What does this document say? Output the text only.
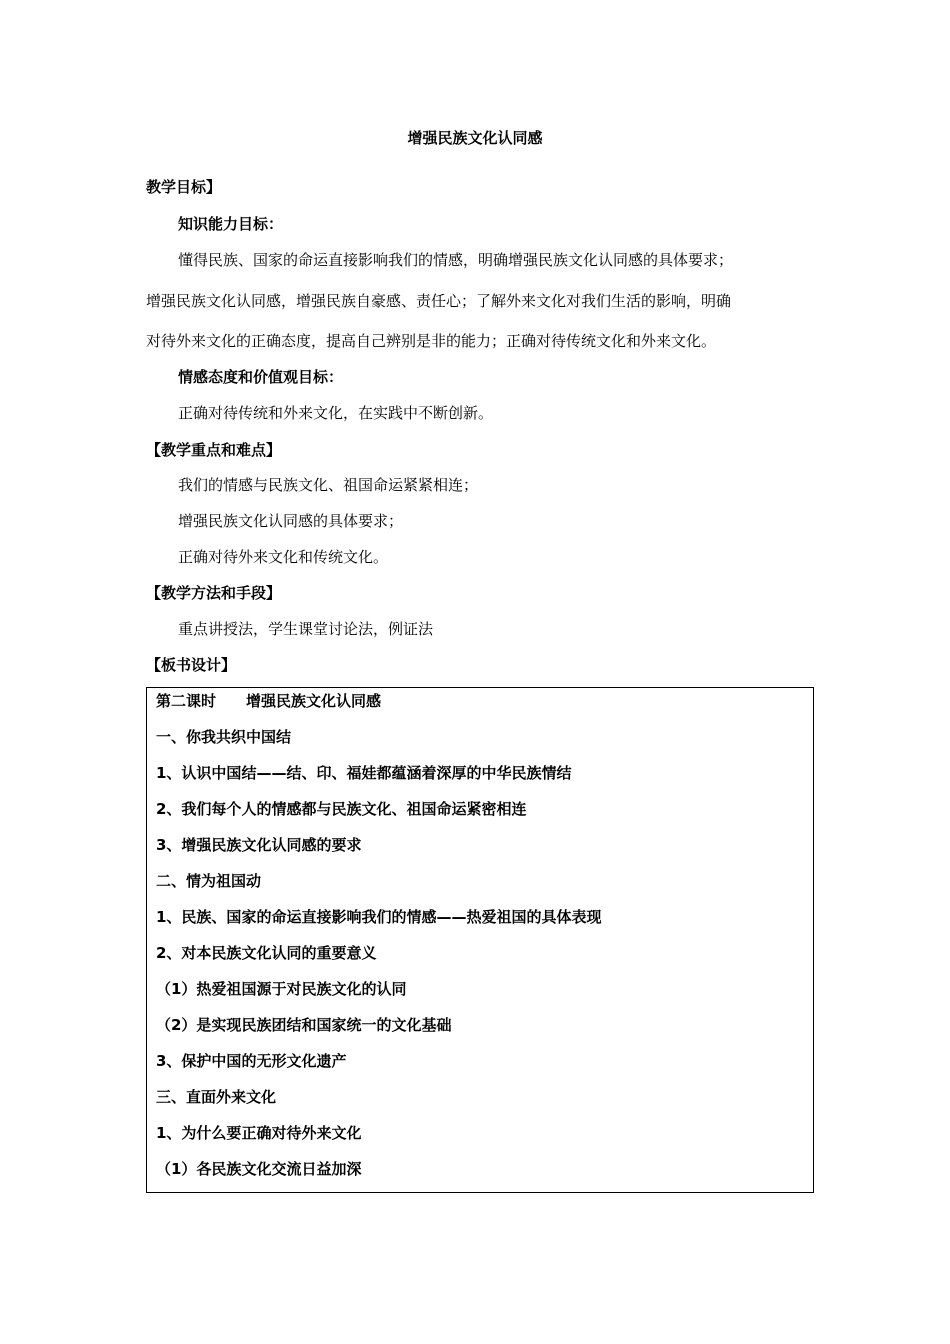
增强民族文化认同感
教学目标】
知识能力目标：
懂得民族、国家的命运直接影响我们的情感，明确增强民族文化认同感的具体要求；
增强民族文化认同感，增强民族自豪感、责任心；了解外来文化对我们生活的影响，明确
对待外来文化的正确态度，提高自己辨别是非的能力；正确对待传统文化和外来文化。
情感态度和价值观目标：
正确对待传统和外来文化，在实践中不断创新。
【教学重点和难点】
我们的情感与民族文化、祖国命运紧紧相连；
增强民族文化认同感的具体要求；
正确对待外来文化和传统文化。
【教学方法和手段】
重点讲授法，学生课堂讨论法，例证法
【板书设计】
第二课时　　增强民族文化认同感
一、你我共织中国结
1、认识中国结——结、印、福娃都蕴涵着深厚的中华民族情结
2、我们每个人的情感都与民族文化、祖国命运紧密相连
3、增强民族文化认同感的要求
二、情为祖国动
1、民族、国家的命运直接影响我们的情感——热爱祖国的具体表现
2、对本民族文化认同的重要意义
（1）热爱祖国源于对民族文化的认同
（2）是实现民族团结和国家统一的文化基础
3、保护中国的无形文化遗产
三、直面外来文化
1、为什么要正确对待外来文化
（1）各民族文化交流日益加深
